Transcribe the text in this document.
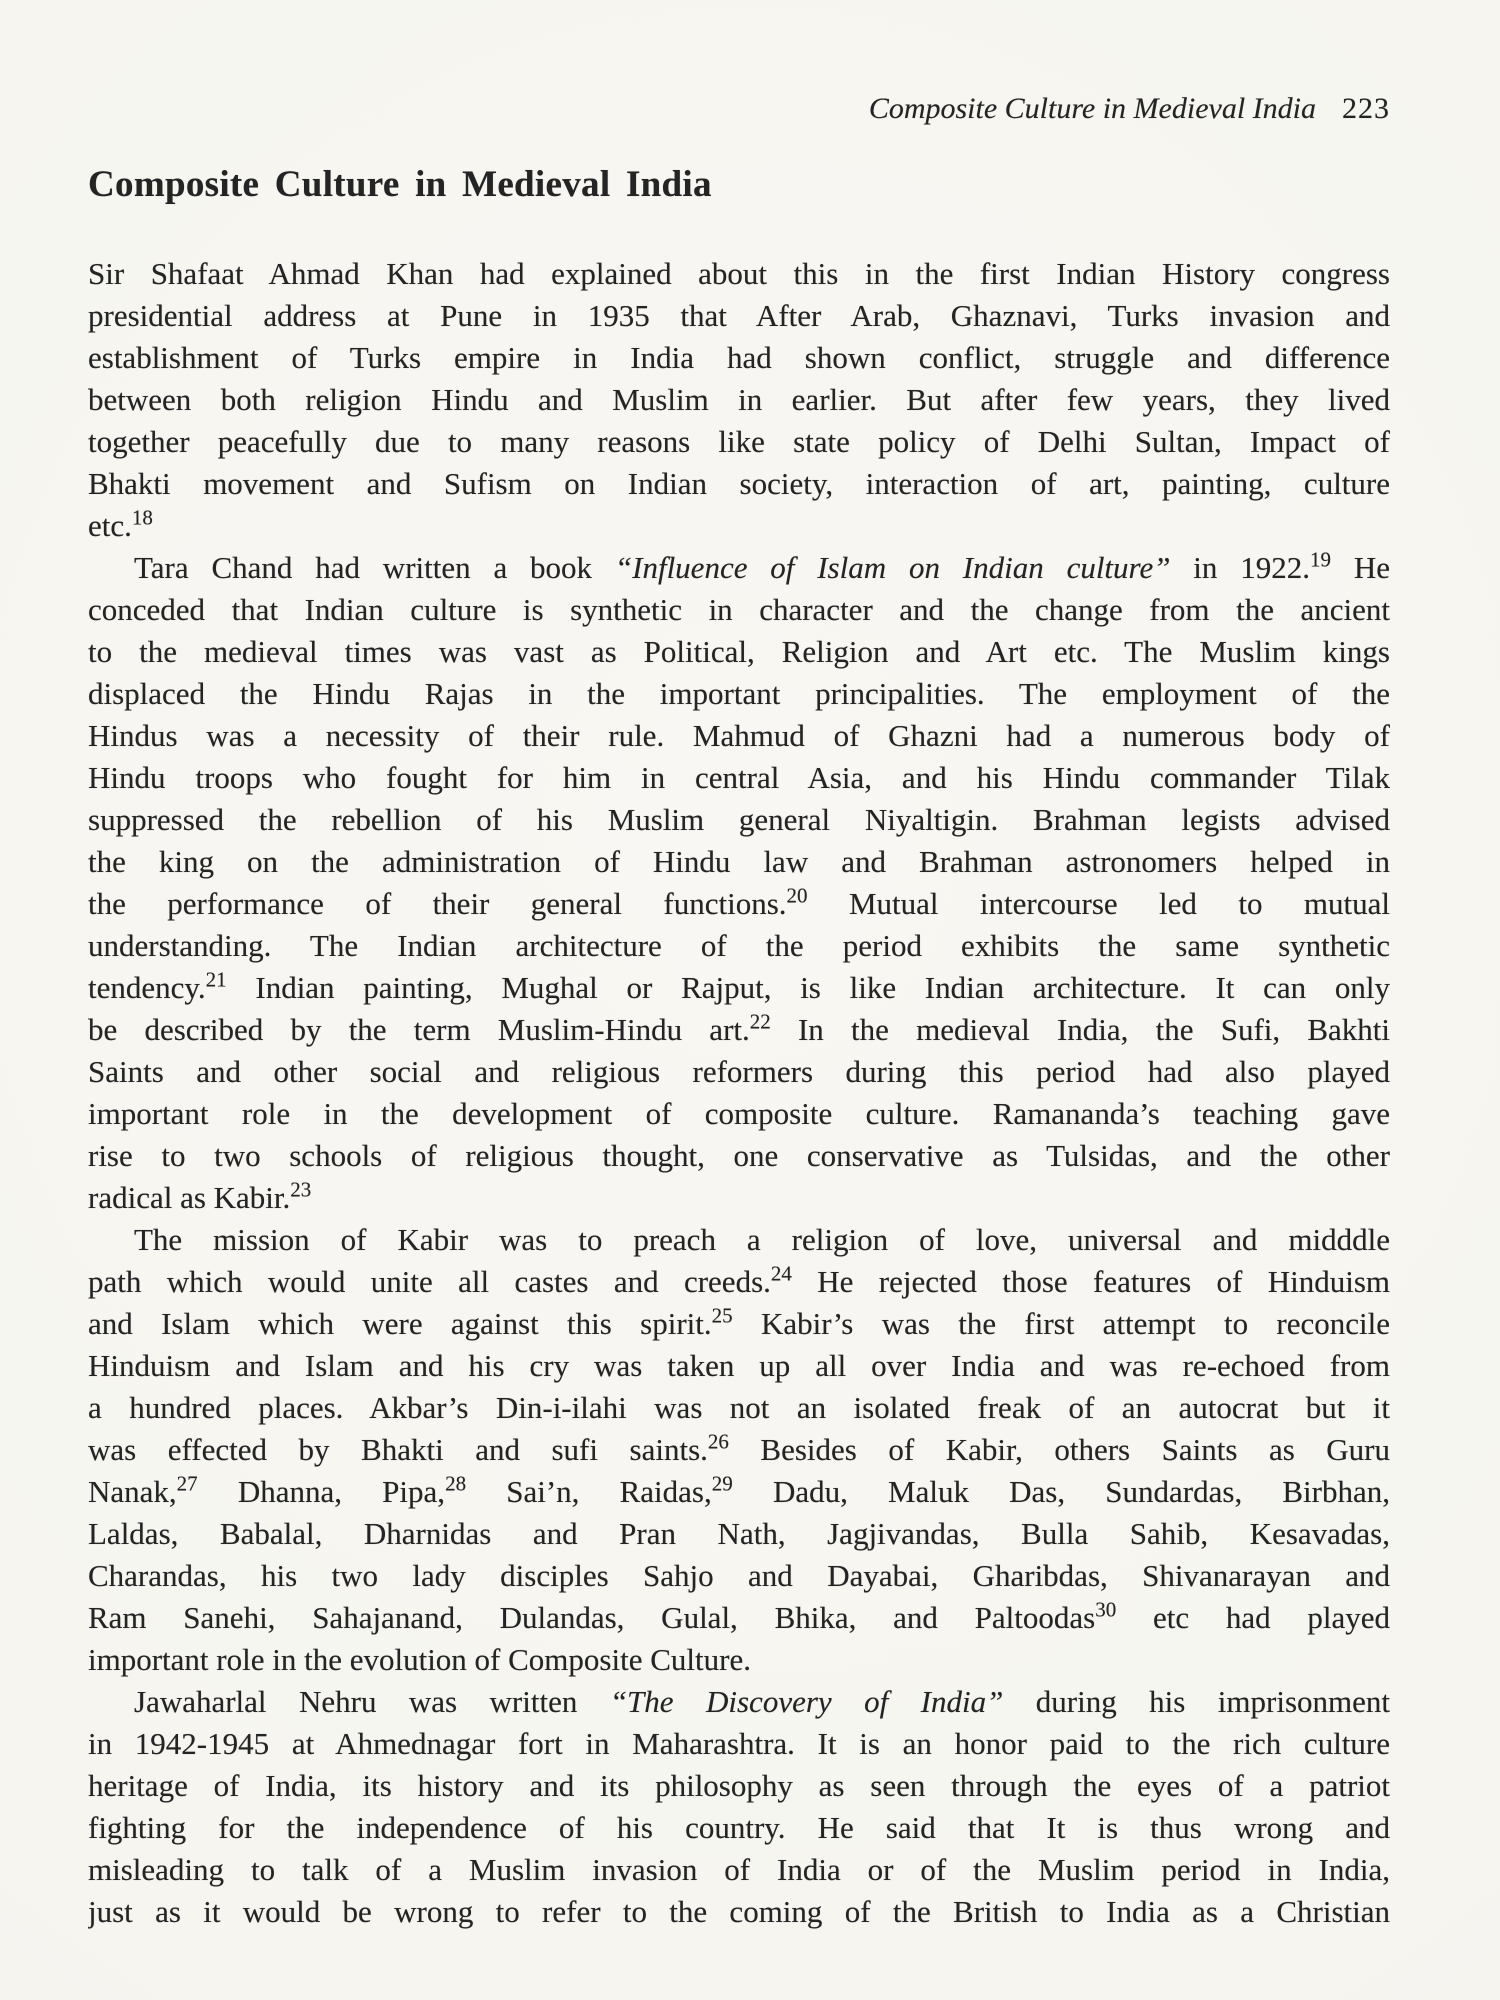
Composite Culture in Medieval India 223
Composite Culture in Medieval India
Sir Shafaat Ahmad Khan had explained about this in the first Indian History congress
presidential address at Pune in 1935 that After Arab, Ghaznavi, Turks invasion and
establishment of Turks empire in India had shown conflict, struggle and difference
between both religion Hindu and Muslim in earlier. But after few years, they lived
together peacefully due to many reasons like state policy of Delhi Sultan, Impact of
Bhakti movement and Sufism on Indian society, interaction of art, painting, culture
etc.$^{18}$
Tara Chand had written a book “Influence of Islam on Indian culture” in 1922.19 He
conceded that Indian culture is synthetic in character and the change from the ancient
to the medieval times was vast as Political, Religion and Art etc. The Muslim kings
displaced the Hindu Rajas in the important principalities. The employment of the
Hindus was a necessity of their rule. Mahmud of Ghazni had a numerous body of
Hindu troops who fought for him in central Asia, and his Hindu commander Tilak
suppressed the rebellion of his Muslim general Niyaltigin. Brahman legists advised
the king on the administration of Hindu law and Brahman astronomers helped in
the performance of their general functions.$^{20}$ Mutual intercourse led to mutual
understanding. The Indian architecture of the period exhibits the same synthetic
tendency.$^{21}$ Indian painting, Mughal or Rajput, is like Indian architecture. It can only
be described by the term Muslim-Hindu art.$^{22}$ In the medieval India, the Sufi, Bakhti
Saints and other social and religious reformers during this period had also played
important role in the development of composite culture. Ramananda’s teaching gave
rise to two schools of religious thought, one conservative as Tulsidas, and the other
radical as Kabir.$^{23}$
The mission of Kabir was to preach a religion of love, universal and midddle
path which would unite all castes and creeds.$^{24}$ He rejected those features of Hinduism
and Islam which were against this spirit.$^{25}$ Kabir’s was the first attempt to reconcile
Hinduism and Islam and his cry was taken up all over India and was re-echoed from
a hundred places. Akbar’s Din-i-ilahi was not an isolated freak of an autocrat but it
was effected by Bhakti and sufi saints.$^{26}$ Besides of Kabir, others Saints as Guru
Nanak,$^{27}$ Dhanna, Pipa,$^{28}$ Sai’n, Raidas,$^{29}$ Dadu, Maluk Das, Sundardas, Birbhan,
Laldas, Babalal, Dharnidas and Pran Nath, Jagjivandas, Bulla Sahib, Kesavadas,
Charandas, his two lady disciples Sahjo and Dayabai, Gharibdas, Shivanarayan and
Ram Sanehi, Sahajanand, Dulandas, Gulal, Bhika, and Paltoodas$^{30}$ etc had played
important role in the evolution of Composite Culture.
Jawaharlal Nehru was written “The Discovery of India” during his imprisonment
in 1942-1945 at Ahmednagar fort in Maharashtra. It is an honor paid to the rich culture
heritage of India, its history and its philosophy as seen through the eyes of a patriot
fighting for the independence of his country. He said that It is thus wrong and
misleading to talk of a Muslim invasion of India or of the Muslim period in India,
just as it would be wrong to refer to the coming of the British to India as a Christian
